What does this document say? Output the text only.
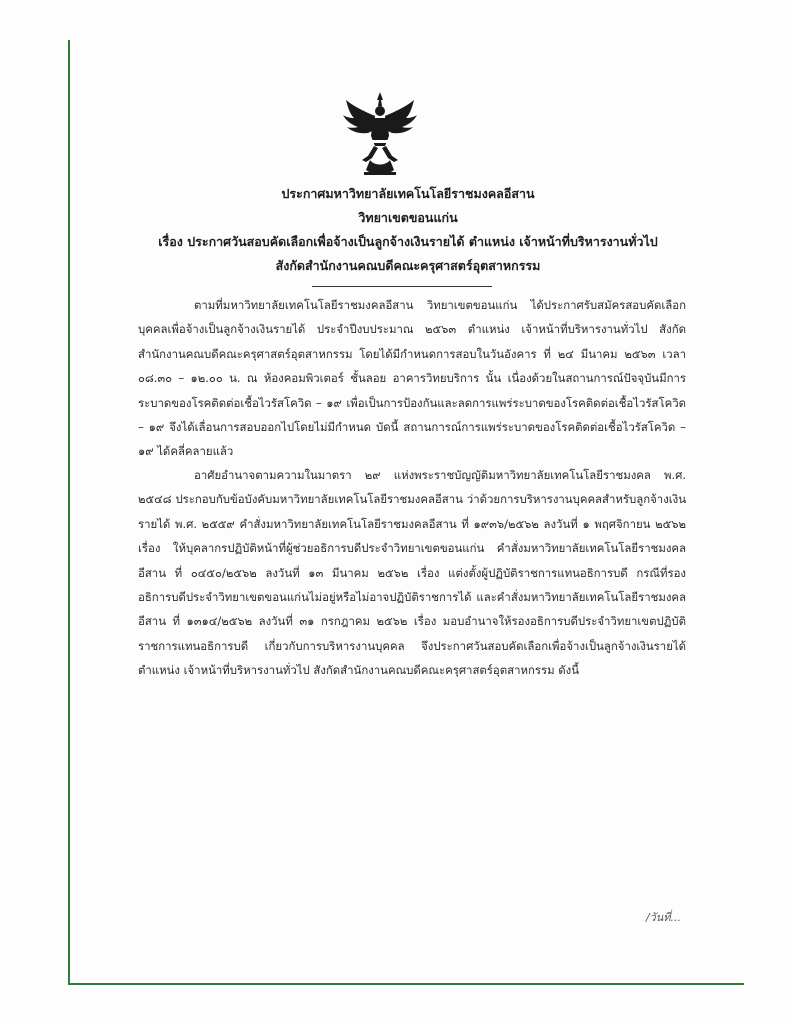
ประกาศมหาวิทยาลัยเทคโนโลยีราชมงคลอีสาน
วิทยาเขตขอนแก่น
เรื่อง ประกาศวันสอบคัดเลือกเพื่อจ้างเป็นลูกจ้างเงินรายได้ ตำแหน่ง เจ้าหน้าที่บริหารงานทั่วไป
สังกัดสำนักงานคณบดีคณะครุศาสตร์อุตสาหกรรม
ตามที่มหาวิทยาลัยเทคโนโลยีราชมงคลอีสาน วิทยาเขตขอนแก่น ได้ประกาศรับสมัครสอบคัดเลือกบุคคลเพื่อจ้างเป็นลูกจ้างเงินรายได้ ประจำปีงบประมาณ ๒๕๖๓ ตำแหน่ง เจ้าหน้าที่บริหารงานทั่วไป สังกัดสำนักงานคณบดีคณะครุศาสตร์อุตสาหกรรม โดยได้มีกำหนดการสอบในวันอังคาร ที่ ๒๔ มีนาคม ๒๕๖๓ เวลา ๐๘.๓๐ – ๑๒.๐๐ น. ณ ห้องคอมพิวเตอร์ ชั้นลอย อาคารวิทยบริการ นั้น เนื่องด้วยในสถานการณ์ปัจจุบันมีการระบาดของโรคติดต่อเชื้อไวรัสโควิด – ๑๙ เพื่อเป็นการป้องกันและลดการแพร่ระบาดของโรคติดต่อเชื้อไวรัสโควิด – ๑๙ จึงได้เลื่อนการสอบออกไปโดยไม่มีกำหนด บัดนี้ สถานการณ์การแพร่ระบาดของโรคติดต่อเชื้อไวรัสโควิด –๑๙ ได้คลี่คลายแล้ว
อาศัยอำนาจตามความในมาตรา ๒๙ แห่งพระราชบัญญัติมหาวิทยาลัยเทคโนโลยีราชมงคล พ.ศ. ๒๕๔๘ ประกอบกับข้อบังคับมหาวิทยาลัยเทคโนโลยีราชมงคลอีสาน ว่าด้วยการบริหารงานบุคคลสำหรับลูกจ้างเงินรายได้ พ.ศ. ๒๕๕๙ คำสั่งมหาวิทยาลัยเทคโนโลยีราชมงคลอีสาน ที่ ๑๙๓๖/๒๕๖๒ ลงวันที่ ๑ พฤศจิกายน ๒๕๖๒ เรื่อง ให้บุคลากรปฏิบัติหน้าที่ผู้ช่วยอธิการบดีประจำวิทยาเขตขอนแก่น คำสั่งมหาวิทยาลัยเทคโนโลยีราชมงคลอีสาน ที่ ๐๔๕๐/๒๕๖๒ ลงวันที่ ๑๓ มีนาคม ๒๕๖๒ เรื่อง แต่งตั้งผู้ปฏิบัติราชการแทนอธิการบดี กรณีที่รองอธิการบดีประจำวิทยาเขตขอนแก่นไม่อยู่หรือไม่อาจปฏิบัติราชการได้ และคำสั่งมหาวิทยาลัยเทคโนโลยีราชมงคลอีสาน ที่ ๑๓๑๔/๒๕๖๒ ลงวันที่ ๓๑ กรกฎาคม ๒๕๖๒ เรื่อง มอบอำนาจให้รองอธิการบดีประจำวิทยาเขตปฏิบัติราชการแทนอธิการบดี เกี่ยวกับการบริหารงานบุคคล จึงประกาศวันสอบคัดเลือกเพื่อจ้างเป็นลูกจ้างเงินรายได้ ตำแหน่ง เจ้าหน้าที่บริหารงานทั่วไป สังกัดสำนักงานคณบดีคณะครุศาสตร์อุตสาหกรรม ดังนี้
/วันที่...
